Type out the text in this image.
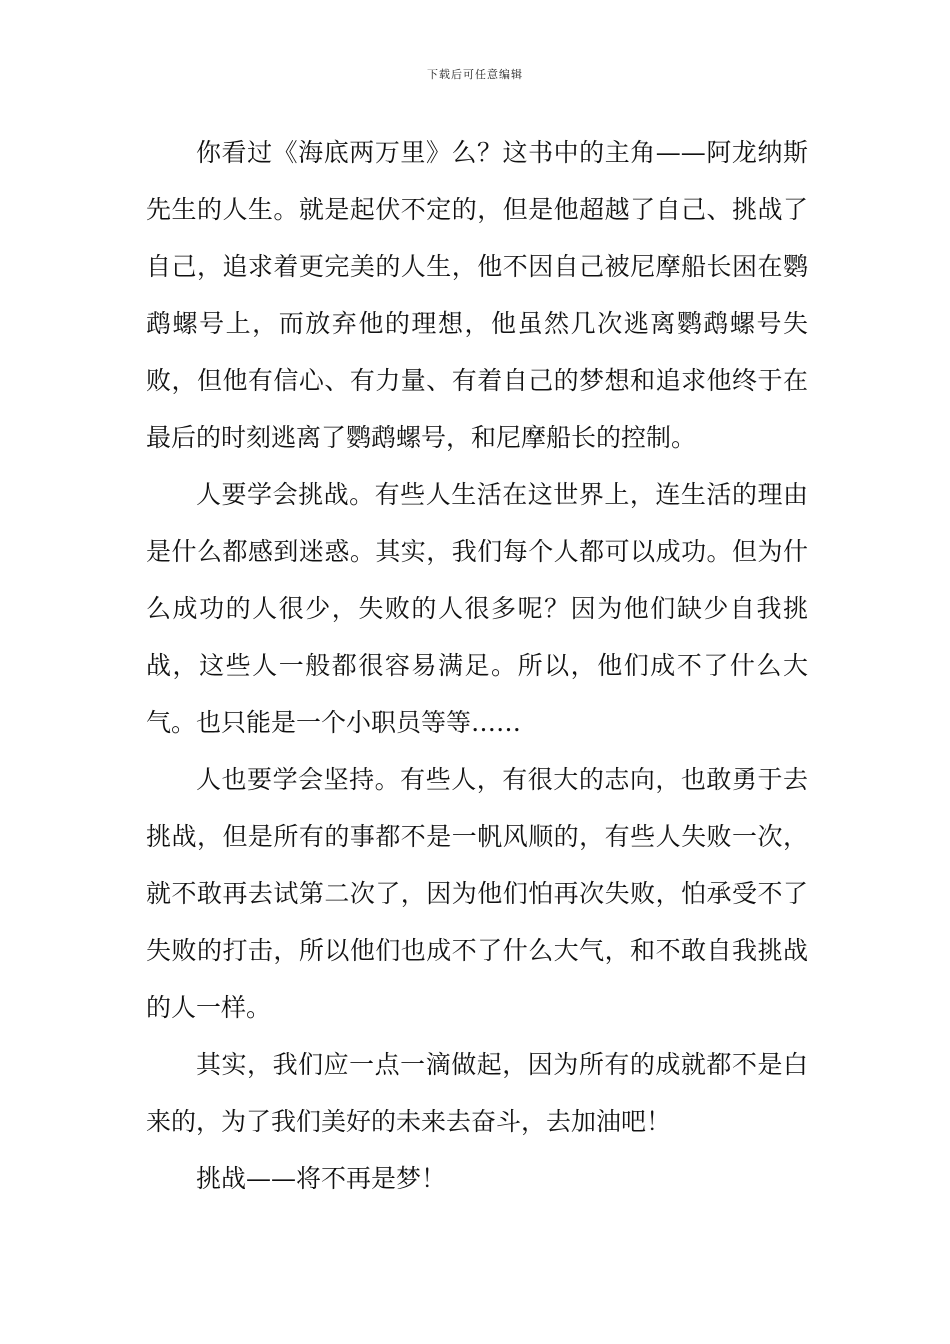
下载后可任意编辑

你看过《海底两万里》么？这书中的主角——阿龙纳斯先生的人生。就是起伏不定的，但是他超越了自己、挑战了自己，追求着更完美的人生，他不因自己被尼摩船长困在鹦鹉螺号上，而放弃他的理想，他虽然几次逃离鹦鹉螺号失败，但他有信心、有力量、有着自己的梦想和追求他终于在最后的时刻逃离了鹦鹉螺号，和尼摩船长的控制。

人要学会挑战。有些人生活在这世界上，连生活的理由是什么都感到迷惑。其实，我们每个人都可以成功。但为什么成功的人很少，失败的人很多呢？因为他们缺少自我挑战，这些人一般都很容易满足。所以，他们成不了什么大气。也只能是一个小职员等等……

人也要学会坚持。有些人，有很大的志向，也敢勇于去挑战，但是所有的事都不是一帆风顺的，有些人失败一次，就不敢再去试第二次了，因为他们怕再次失败，怕承受不了失败的打击，所以他们也成不了什么大气，和不敢自我挑战的人一样。

其实，我们应一点一滴做起，因为所有的成就都不是白来的，为了我们美好的未来去奋斗，去加油吧！

挑战——将不再是梦！
